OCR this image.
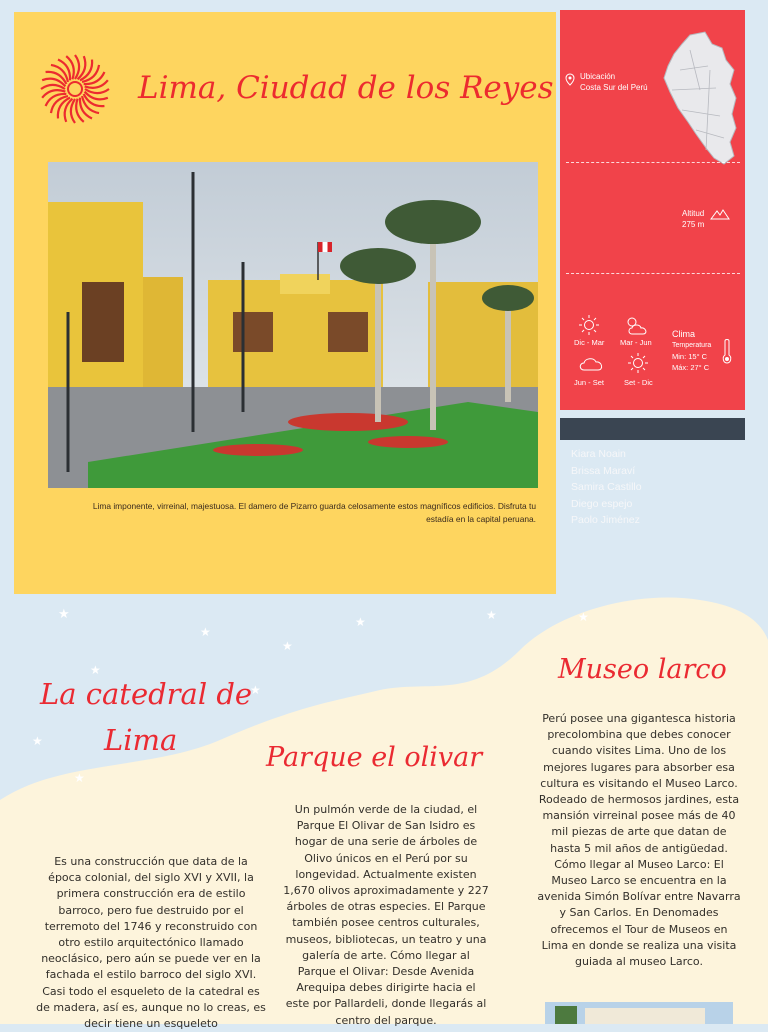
★
★
★
★	★	★
★
★
★
★
Lima, Ciudad de los Reyes
Lima imponente, virreinal, majestuosa. El damero de Pizarro guarda celosamente estos magníficos edificios. Disfruta tu estadía en la capital peruana.
Ubicación
Costa Sur del Perú
Altitud
275 m
Dic - Mar Mar - Jun
Jun - Set	Set - Dic
Clima
Temperatura
Min: 15° C
Máx: 27° C
Kiara Noain
Brissa Maraví
Samira Castillo
Diego espejo
Paolo Jiménez
La catedral de
Lima
Es una construcción que data de la época colonial, del siglo XVI y XVII, la primera construcción era de estilo barroco, pero fue destruido por el terremoto del 1746 y reconstruido con otro estilo arquitectónico llamado neoclásico, pero aún se puede ver en la fachada el estilo barroco del siglo XVI. Casi todo el esqueleto de la catedral es de madera, así es, aunque no lo creas, es decir tiene un esqueleto
Parque el olivar
Un pulmón verde de la ciudad, el Parque El Olivar de San Isidro es hogar de una serie de árboles de Olivo únicos en el Perú por su longevidad. Actualmente existen 1,670 olivos aproximadamente y 227 árboles de otras especies. El Parque también posee centros culturales, museos, bibliotecas, un teatro y una galería de arte. Cómo llegar al Parque el Olivar: Desde Avenida Arequipa debes dirigirte hacia el este por Pallardeli, donde llegarás al centro del parque.
Museo larco
Perú posee una gigantesca historia precolombina que debes conocer cuando visites Lima. Uno de los mejores lugares para absorber esa cultura es visitando el Museo Larco. Rodeado de hermosos jardines, esta mansión virreinal posee más de 40 mil piezas de arte que datan de hasta 5 mil años de antigüedad. Cómo llegar al Museo Larco: El Museo Larco se encuentra en la avenida Simón Bolívar entre Navarra y San Carlos. En Denomades ofrecemos el Tour de Museos en Lima en donde se realiza una visita guiada al museo Larco.
